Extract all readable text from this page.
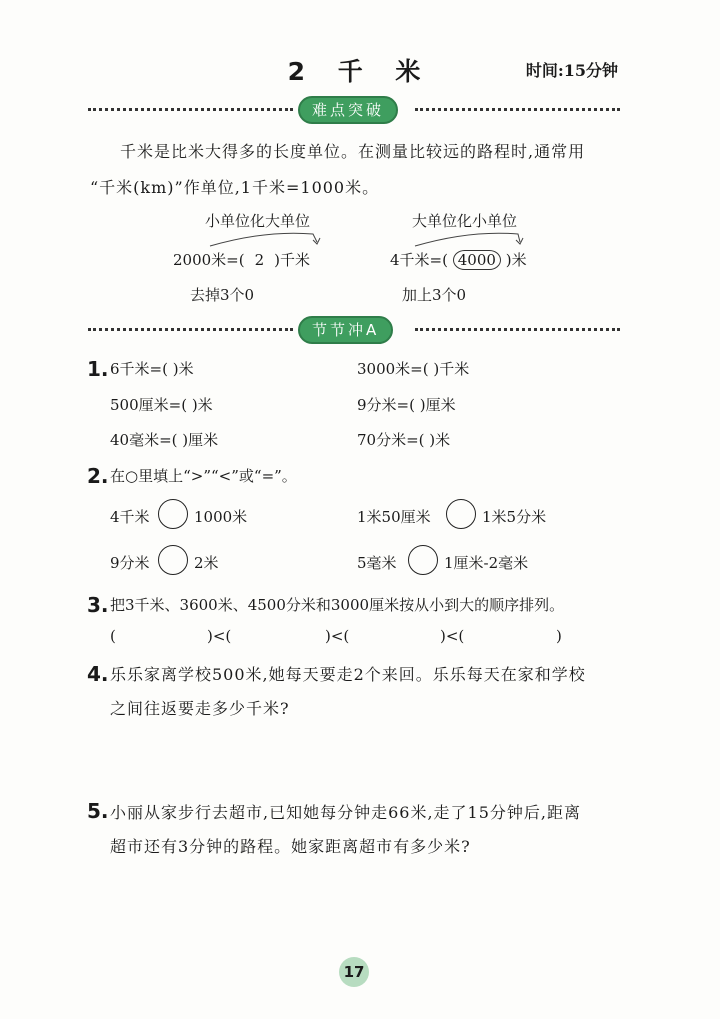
2 千 米	时间:15分钟
难点突破
千米是比米大得多的长度单位。在测量比较远的路程时,通常用
“千米(km)”作单位,1千米=1000米。
小单位化大单位
2000米=( 2 )千米
去掉3个0
大单位化小单位
4千米=( 4000 )米
加上3个0
节节冲A
1. 6千米=( )米	3000米=( )千米
500厘米=( )米	9分米=( )厘米
40毫米=( )厘米	70分米=( )米
2. 在○里填上“>”“<”或“=”。
4千米	1000米	1米50厘米	1米5分米
9分米	2米	5毫米	1厘米-2毫米
3. 把3千米、3600米、4500分米和3000厘米按从小到大的顺序排列。
(	)<(	)<(	)<(	)
4. 乐乐家离学校500米,她每天要走2个来回。乐乐每天在家和学校
之间往返要走多少千米?
5. 小丽从家步行去超市,已知她每分钟走66米,走了15分钟后,距离
超市还有3分钟的路程。她家距离超市有多少米?
17
